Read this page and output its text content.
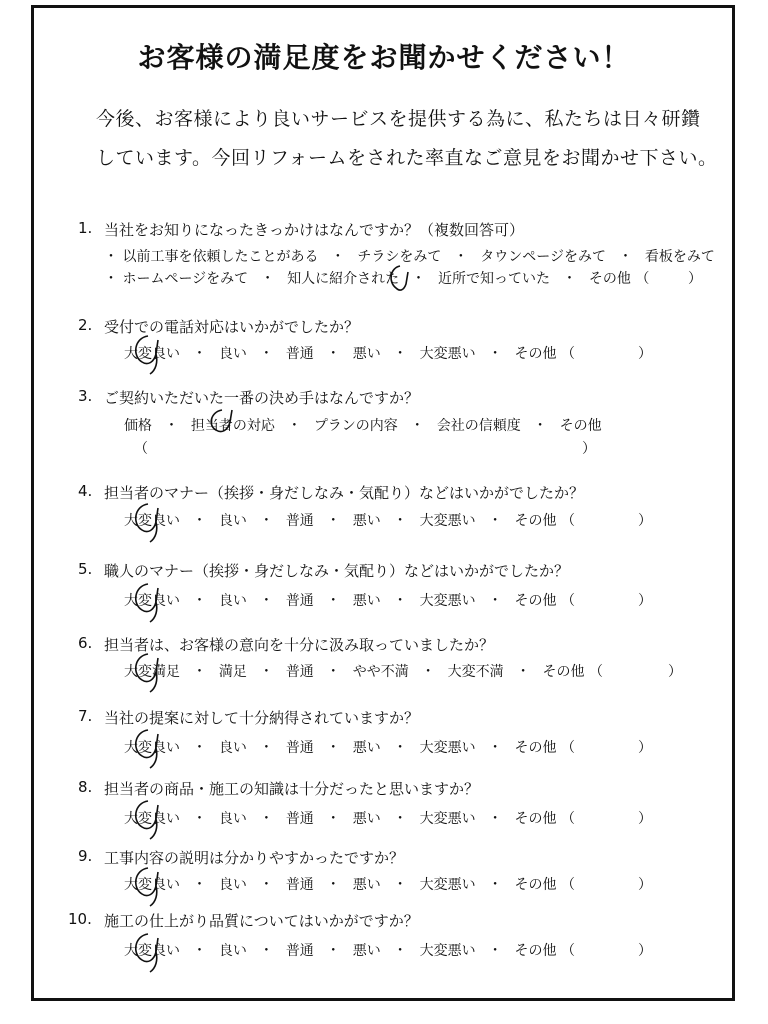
お客様の満足度をお聞かせください！
今後、お客様により良いサービスを提供する為に、私たちは日々研鑽
しています。今回リフォームをされた率直なご意見をお聞かせ下さい。
1. 当社をお知りになったきっかけはなんですか？（複数回答可）
・ 以前工事を依頼したことがある ・ チラシをみて ・ タウンページをみて ・ 看板をみて
・ ホームページをみて ・ 知人に紹介された ・ 近所で知っていた ・ その他 （	）
2. 受付での電話対応はいかがでしたか？
大変良い ・ 良い ・ 普通 ・ 悪い ・ 大変悪い ・ その他 （	）
3. ご契約いただいた一番の決め手はなんですか？
価格 ・ 担当者の対応 ・ プランの内容 ・ 会社の信頼度 ・ その他
（	）
4. 担当者のマナー（挨拶・身だしなみ・気配り）などはいかがでしたか？
大変良い ・ 良い ・ 普通 ・ 悪い ・ 大変悪い ・ その他 （	）
5. 職人のマナー（挨拶・身だしなみ・気配り）などはいかがでしたか？
大変良い ・ 良い ・ 普通 ・ 悪い ・ 大変悪い ・ その他 （	）
6. 担当者は、お客様の意向を十分に汲み取っていましたか？
大変満足 ・ 満足 ・ 普通 ・ やや不満 ・ 大変不満 ・ その他 （	）
7. 当社の提案に対して十分納得されていますか？
大変良い ・ 良い ・ 普通 ・ 悪い ・ 大変悪い ・ その他 （	）
8. 担当者の商品・施工の知識は十分だったと思いますか？
大変良い ・ 良い ・ 普通 ・ 悪い ・ 大変悪い ・ その他 （	）
9. 工事内容の説明は分かりやすかったですか？
大変良い ・ 良い ・ 普通 ・ 悪い ・ 大変悪い ・ その他 （	）
10. 施工の仕上がり品質についてはいかがですか？
大変良い ・ 良い ・ 普通 ・ 悪い ・ 大変悪い ・ その他 （	）
